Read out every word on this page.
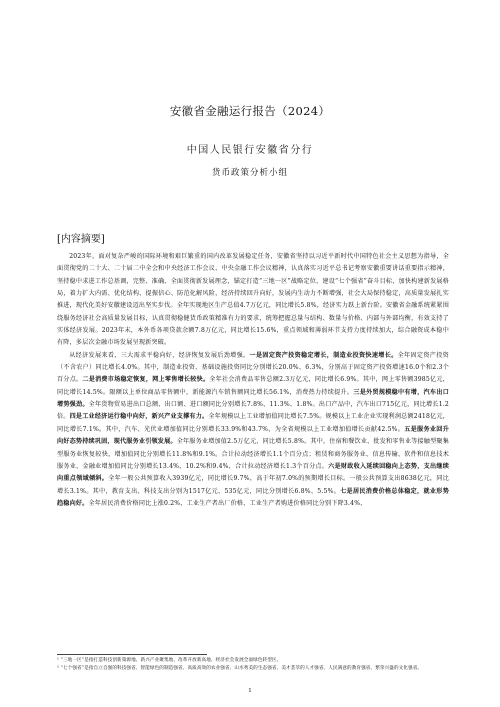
安徽省金融运行报告（2024）
中国人民银行安徽省分行
货币政策分析小组
[内容摘要]

2023年，面对复杂严峻的国际环境和艰巨繁重的国内改革发展稳定任务，安徽省坚持以习近平新时代中国特色社会主义思想为指导，全面贯彻党的二十大、二十届二中全会和中央经济工作会议、中央金融工作会议精神，认真落实习近平总书记考察安徽重要讲话重要指示精神，坚持稳中求进工作总基调，完整、准确、全面贯彻新发展理念，锚定打造“三地一区”战略定位，建设“七个强省”奋斗目标，加快构建新发展格局，着力扩大内需、优化结构、提振信心、防范化解风险，经济持续回升向好，发展内生动力不断增强，社会大局保持稳定，高质量发展扎实推进，现代化美好安徽建设迈出坚实步伐。全年实现地区生产总值4.7万亿元，同比增长5.8%，经济实力跃上新台阶。安徽省金融系统紧紧围绕服务经济社会高质量发展目标，认真贯彻稳健货币政策精准有力的要求，统筹把握总量与结构、数量与价格、内部与外部均衡，有效支持了实体经济发展。2023年末，本外币各项贷款余额7.8万亿元，同比增长15.6%，重点领域和薄弱环节支持力度持续加大，综合融资成本稳中有降，多层次金融市场发展呈现新突破。

从经济发展来看，三大需求平稳向好，经济恢复发展后劲增强。一是固定资产投资稳定增长，制造业投资快速增长。全年固定资产投资（不含农户）同比增长4.0%。其中，制造业投资、基础设施投资同比分别增长20.0%、6.3%，分别高于固定资产投资增速16.0个和2.3个百分点。二是消费市场稳定恢复，网上零售增长较快。全年社会消费品零售总额2.3万亿元，同比增长6.9%。其中，网上零售额3985亿元，同比增长14.5%。限额以上单位商品零售额中，新能源汽车销售额同比增长56.1%，消费热力持续提升。三是外贸规模稳中有增，汽车出口增势强劲。全年货物贸易进出口总额、出口额、进口额同比分别增长7.8%、11.3%、1.8%。出口产品中，汽车出口715亿元，同比增长1.2倍。四是工业经济运行稳中向好，新兴产业支撑有力。全年规模以上工业增加值同比增长7.5%。规模以上工业企业实现利润总额2418亿元，同比增长7.1%。其中，汽车、光伏业增加值同比分别增长33.9%和43.7%，为全省规模以上工业增加值增长贡献42.5%。五是服务业回升向好态势持续巩固，现代服务业引领发展。全年服务业增加值2.5万亿元，同比增长5.8%。其中，住宿和餐饮业、批发和零售业等接触型聚集型服务业恢复较快，增加值同比分别增长11.8%和9.1%。合计拉动经济增长1.1个百分点；租赁和商务服务业、信息传输、软件和信息技术服务业、金融业增加值同比分别增长13.4%、10.2%和9.4%，合计拉动经济增长1.3个百分点。六是财政收入延续回稳向上态势，支出继续向重点领域倾斜。全年一般公共预算收入3939亿元，同比增长9.7%，高于年初7.0%的预期增长目标。一般公共预算支出8638亿元，同比增长3.1%。其中，教育支出、科技支出分别为1517亿元、535亿元，同比分别增长6.8%、5.5%。七是居民消费价格总体稳定，就业形势趋稳向好。全年居民消费价格同比上涨0.2%，工业生产者出厂价格、工业生产者购进价格同比分别下降3.4%、

¹ “三地一区”是指打造科技创新策源地、新兴产业聚集地、改革开放新高地、经济社会发展全面绿色转型区。
² “七个强省”是指自立自强的科技强省、智能绿色的制造强省、高质高效的农业强省、山水秀美的生态强省、美才荟萃的人才强省、人民满意的教育强省、繁荣兴盛的文化强省。
1
